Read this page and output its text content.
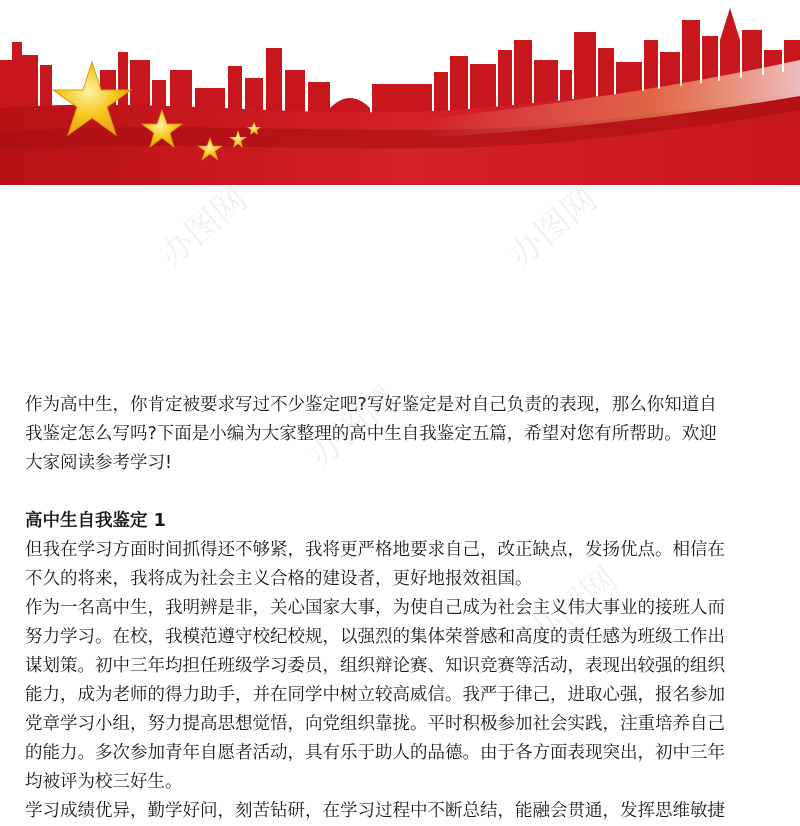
办图网	办图网
办图网
办图网

作为高中生，你肯定被要求写过不少鉴定吧?写好鉴定是对自己负责的表现，那么你知道自
我鉴定怎么写吗?下面是小编为大家整理的高中生自我鉴定五篇，希望对您有所帮助。欢迎
大家阅读参考学习!

高中生自我鉴定 1

但我在学习方面时间抓得还不够紧，我将更严格地要求自己，改正缺点，发扬优点。相信在
不久的将来，我将成为社会主义合格的建设者，更好地报效祖国。

作为一名高中生，我明辨是非，关心国家大事，为使自己成为社会主义伟大事业的接班人而
努力学习。在校，我模范遵守校纪校规，以强烈的集体荣誉感和高度的责任感为班级工作出
谋划策。初中三年均担任班级学习委员，组织辩论赛、知识竞赛等活动，表现出较强的组织
能力，成为老师的得力助手，并在同学中树立较高威信。我严于律己，进取心强，报名参加
党章学习小组，努力提高思想觉悟，向党组织靠拢。平时积极参加社会实践，注重培养自己
的能力。多次参加青年自愿者活动，具有乐于助人的品德。由于各方面表现突出，初中三年
均被评为校三好生。

学习成绩优异，勤学好问，刻苦钻研，在学习过程中不断总结，能融会贯通，发挥思维敏捷
